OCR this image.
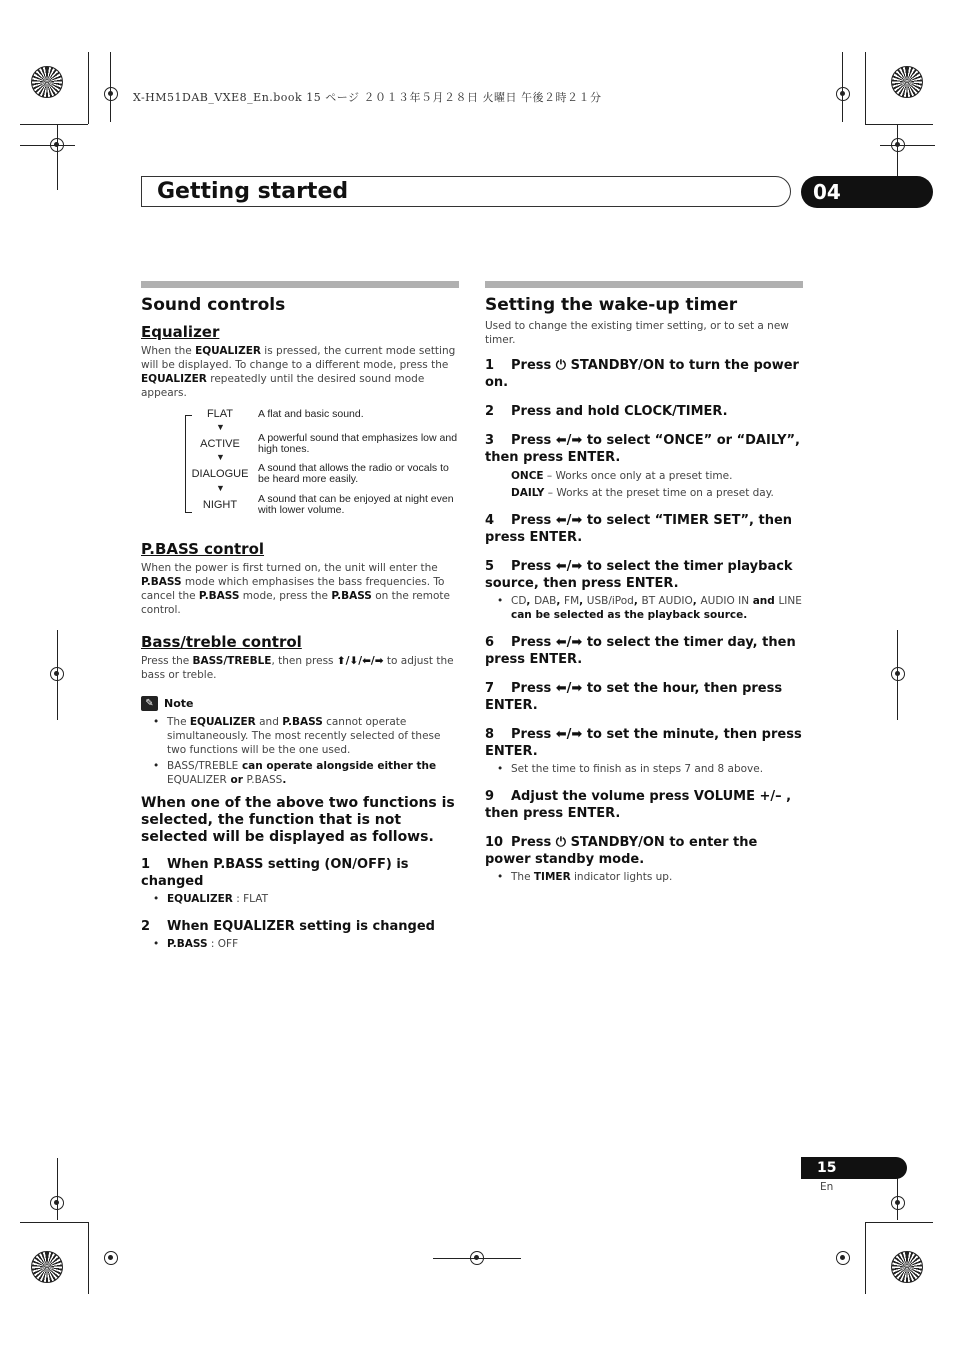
X-HM51DAB_VXE8_En.book 15 ページ ２０１３年５月２８日 火曜日 午後２時２１分
Getting started	04
Sound controls
Equalizer

When the EQUALIZER is pressed, the current mode setting will be displayed. To change to a different mode, press the EQUALIZER repeatedly until the desired sound mode appears.

FLAT	A flat and basic sound.
▼
ACTIVE	A powerful sound that emphasizes low and high tones.
▼
DIALOGUE A sound that allows the radio or vocals to be heard more easily.
▼
NIGHT	A sound that can be enjoyed at night even with lower volume.
P.BASS control

When the power is first turned on, the unit will enter the P.BASS mode which emphasises the bass frequencies. To cancel the P.BASS mode, press the P.BASS on the remote control.

Bass/treble control

Press the BASS/TREBLE, then press ⬆/⬇/⬅/➡ to adjust the bass or treble.

✎ Note
• The EQUALIZER and P.BASS cannot operate simultaneously. The most recently selected of these two functions will be the one used.
• BASS/TREBLE can operate alongside either the EQUALIZER or P.BASS.
When one of the above two functions is selected, the function that is not selected will be displayed as follows.
1 When P.BASS setting (ON/OFF) is changed
• EQUALIZER : FLAT
2 When EQUALIZER setting is changed
• P.BASS : OFF
Setting the wake-up timer

Used to change the existing timer setting, or to set a new timer.

1 Press ⏻ STANDBY/ON to turn the power on.
2 Press and hold CLOCK/TIMER.
3 Press ⬅/➡ to select “ONCE” or “DAILY”, then press ENTER.
ONCE – Works once only at a preset time.
DAILY – Works at the preset time on a preset day.
4 Press ⬅/➡ to select “TIMER SET”, then press ENTER.
5 Press ⬅/➡ to select the timer playback source, then press ENTER.
• CD, DAB, FM, USB/iPod, BT AUDIO, AUDIO IN and LINE can be selected as the playback source.
6 Press ⬅/➡ to select the timer day, then press ENTER.
7 Press ⬅/➡ to set the hour, then press ENTER.
8 Press ⬅/➡ to set the minute, then press ENTER.
• Set the time to finish as in steps 7 and 8 above.
9 Adjust the volume press VOLUME +/– , then press ENTER.
10 Press ⏻ STANDBY/ON to enter the power standby mode.
• The TIMER indicator lights up.
15
En
